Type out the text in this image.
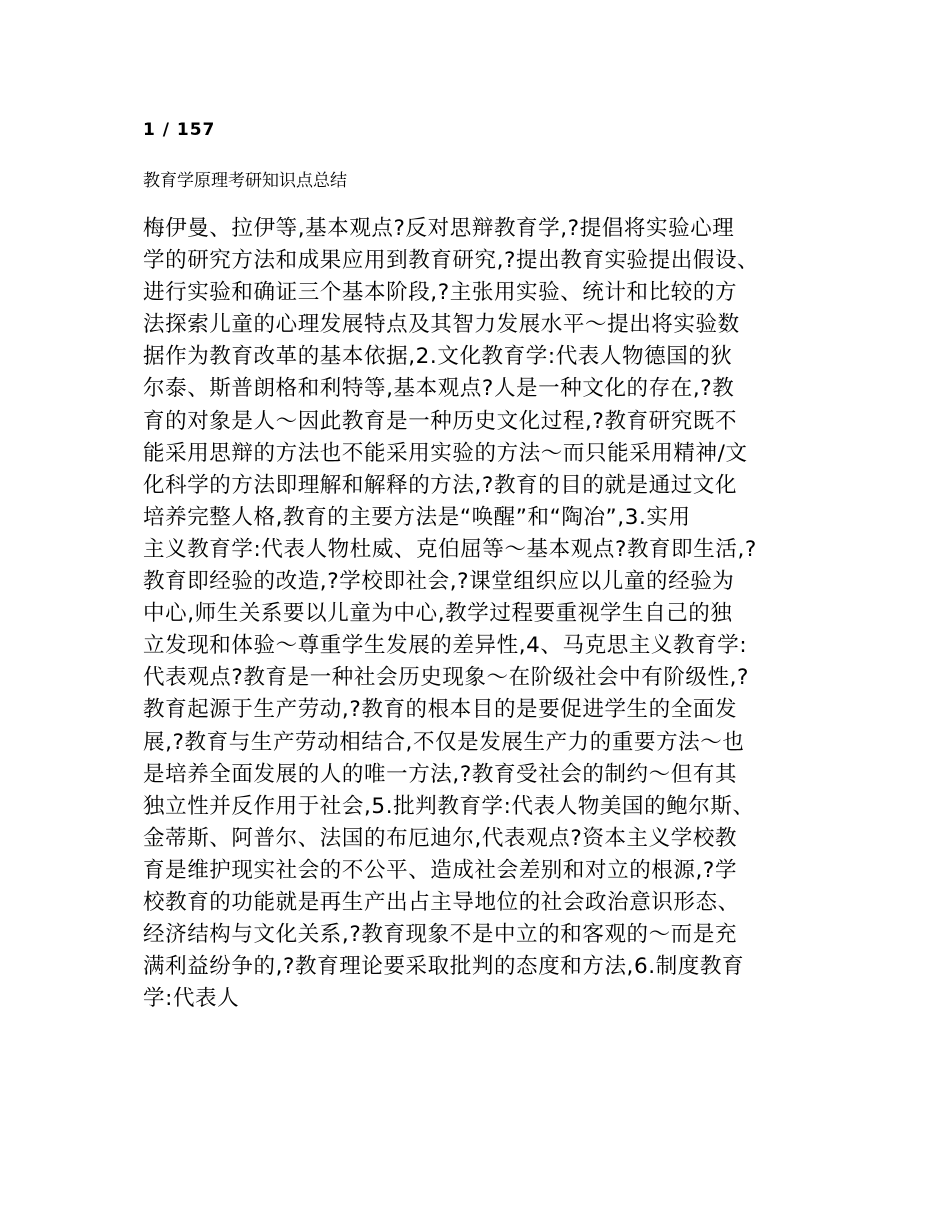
1 / 157
教育学原理考研知识点总结
梅伊曼、拉伊等,基本观点?反对思辩教育学,?提倡将实验心理
学的研究方法和成果应用到教育研究,?提出教育实验提出假设、
进行实验和确证三个基本阶段,?主张用实验、统计和比较的方
法探索儿童的心理发展特点及其智力发展水平～提出将实验数
据作为教育改革的基本依据,2.文化教育学:代表人物德国的狄
尔泰、斯普朗格和利特等,基本观点?人是一种文化的存在,?教
育的对象是人～因此教育是一种历史文化过程,?教育研究既不
能采用思辩的方法也不能采用实验的方法～而只能采用精神/文
化科学的方法即理解和解释的方法,?教育的目的就是通过文化
培养完整人格,教育的主要方法是“唤醒”和“陶冶”,3.实用
主义教育学:代表人物杜威、克伯屈等～基本观点?教育即生活,?
教育即经验的改造,?学校即社会,?课堂组织应以儿童的经验为
中心,师生关系要以儿童为中心,教学过程要重视学生自己的独
立发现和体验～尊重学生发展的差异性,4、马克思主义教育学:
代表观点?教育是一种社会历史现象～在阶级社会中有阶级性,?
教育起源于生产劳动,?教育的根本目的是要促进学生的全面发
展,?教育与生产劳动相结合,不仅是发展生产力的重要方法～也
是培养全面发展的人的唯一方法,?教育受社会的制约～但有其
独立性并反作用于社会,5.批判教育学:代表人物美国的鲍尔斯、
金蒂斯、阿普尔、法国的布厄迪尔,代表观点?资本主义学校教
育是维护现实社会的不公平、造成社会差别和对立的根源,?学
校教育的功能就是再生产出占主导地位的社会政治意识形态、
经济结构与文化关系,?教育现象不是中立的和客观的～而是充
满利益纷争的,?教育理论要采取批判的态度和方法,6.制度教育
学:代表人
